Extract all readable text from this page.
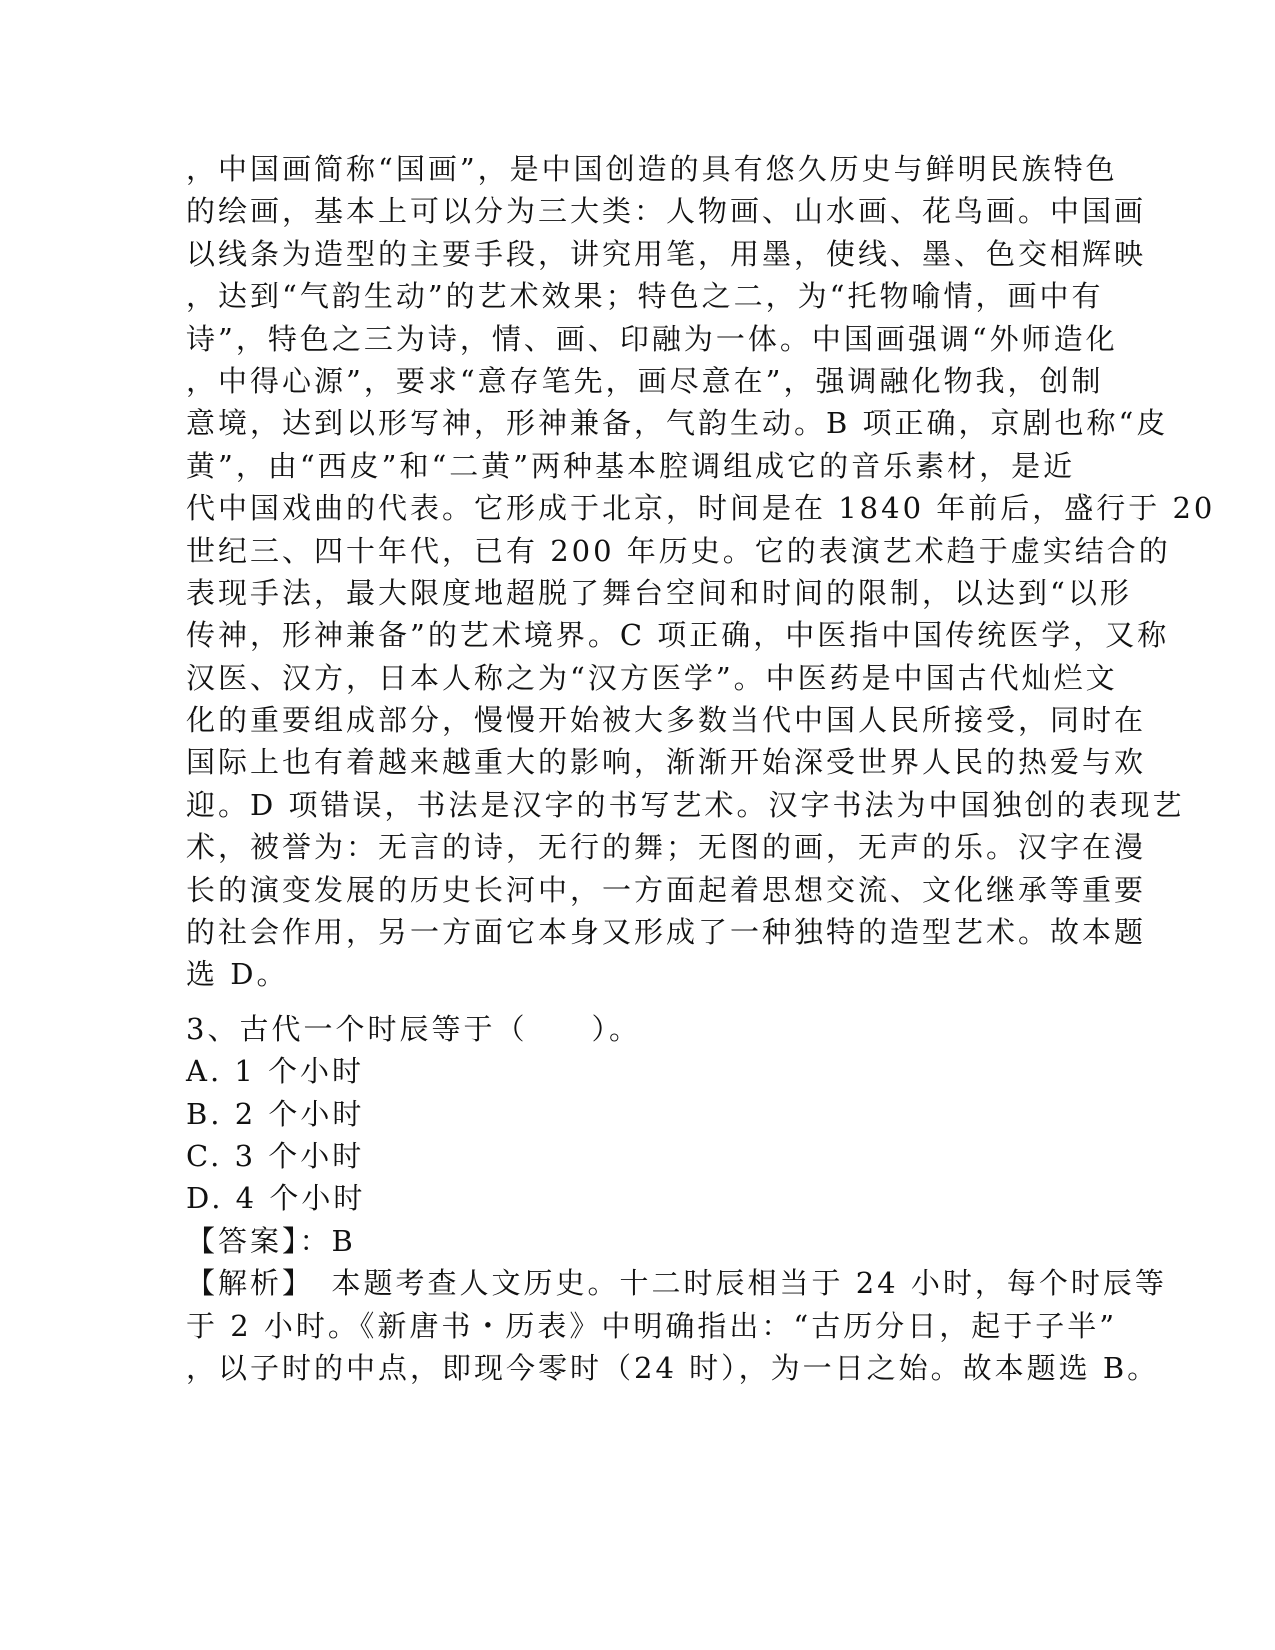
，中国画简称“国画”，是中国创造的具有悠久历史与鲜明民族特色
的绘画，基本上可以分为三大类：人物画、山水画、花鸟画。中国画
以线条为造型的主要手段，讲究用笔，用墨，使线、墨、色交相辉映
，达到“气韵生动”的艺术效果；特色之二，为“托物喻情，画中有
诗”，特色之三为诗，情、画、印融为一体。中国画强调“外师造化
，中得心源”，要求“意存笔先，画尽意在”，强调融化物我，创制
意境，达到以形写神，形神兼备，气韵生动。B 项正确，京剧也称“皮
黄”，由“西皮”和“二黄”两种基本腔调组成它的音乐素材，是近
代中国戏曲的代表。它形成于北京，时间是在 1840 年前后，盛行于 20
世纪三、四十年代，已有 200 年历史。它的表演艺术趋于虚实结合的
表现手法，最大限度地超脱了舞台空间和时间的限制，以达到“以形
传神，形神兼备”的艺术境界。C 项正确，中医指中国传统医学，又称
汉医、汉方，日本人称之为“汉方医学”。中医药是中国古代灿烂文
化的重要组成部分，慢慢开始被大多数当代中国人民所接受，同时在
国际上也有着越来越重大的影响，渐渐开始深受世界人民的热爱与欢
迎。D 项错误，书法是汉字的书写艺术。汉字书法为中国独创的表现艺
术，被誉为：无言的诗，无行的舞；无图的画，无声的乐。汉字在漫
长的演变发展的历史长河中，一方面起着思想交流、文化继承等重要
的社会作用，另一方面它本身又形成了一种独特的造型艺术。故本题
选 D。
3、古代一个时辰等于（　　）。
A. 1 个小时
B. 2 个小时
C. 3 个小时
D. 4 个小时
【答案】：B
【解析】　本题考查人文历史。十二时辰相当于 24 小时，每个时辰等
于 2 小时。《新唐书・历表》中明确指出：“古历分日，起于子半”
，以子时的中点，即现今零时（24 时），为一日之始。故本题选 B。
